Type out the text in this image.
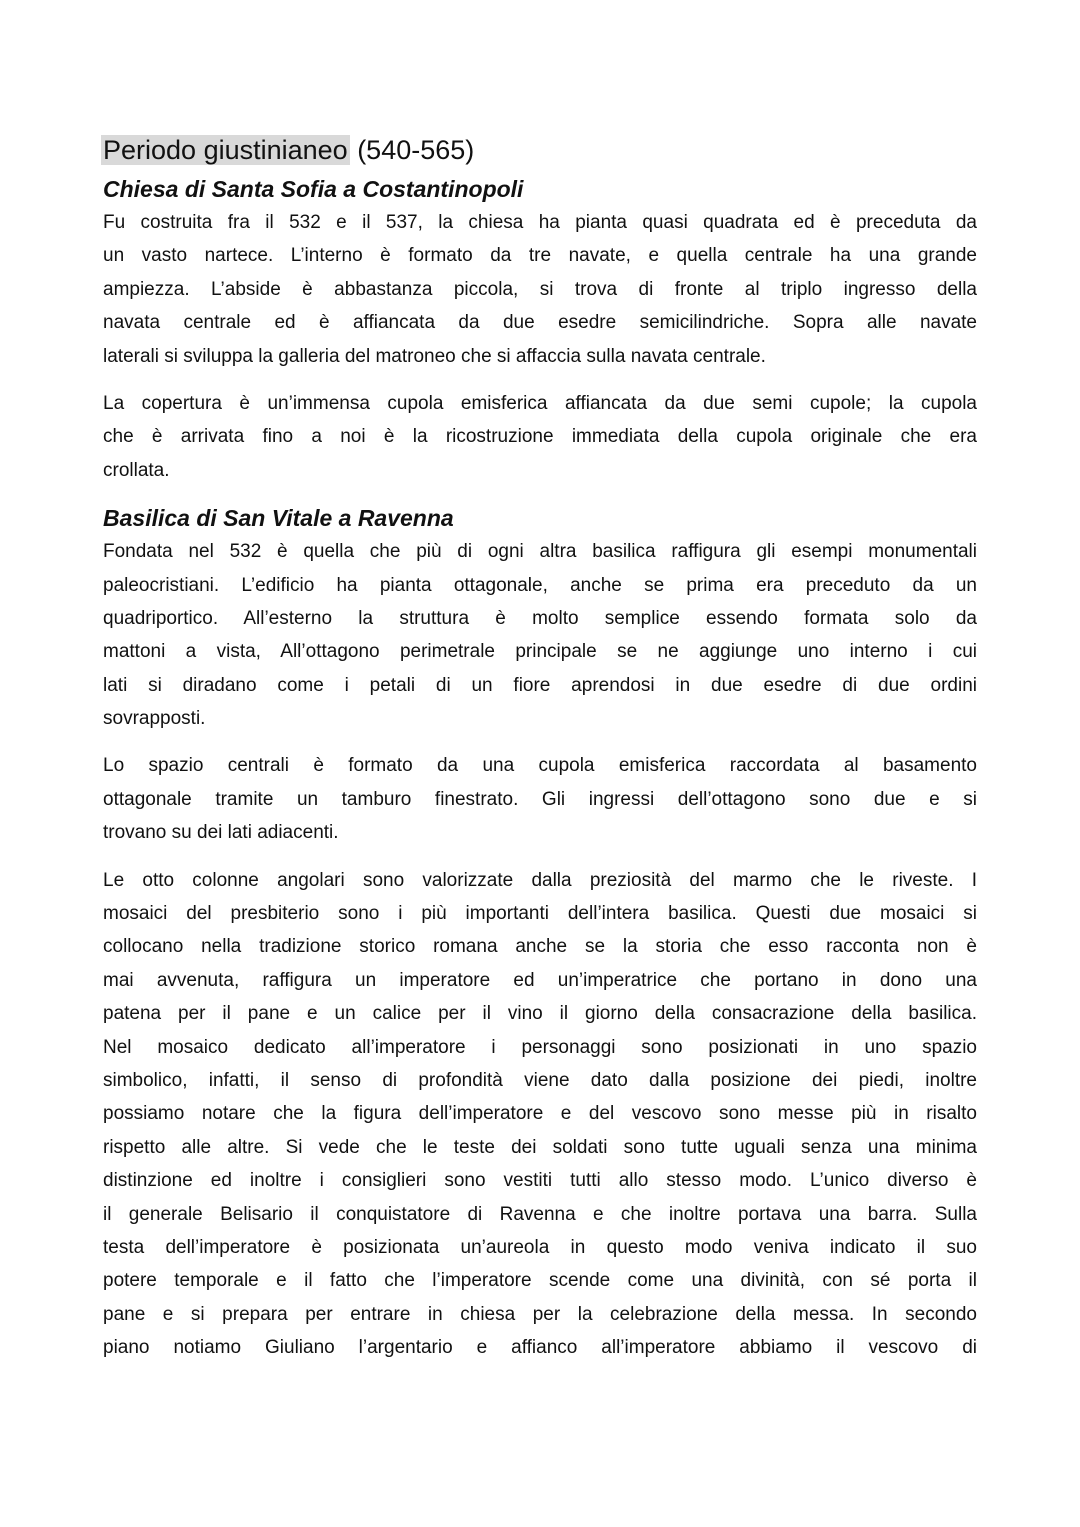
Periodo giustinianeo (540-565)
Chiesa di Santa Sofia a Costantinopoli
Fu costruita fra il 532 e il 537, la chiesa ha pianta quasi quadrata ed è preceduta da
un vasto nartece. L’interno è formato da tre navate, e quella centrale ha una grande
ampiezza. L’abside è abbastanza piccola, si trova di fronte al triplo ingresso della
navata centrale ed è affiancata da due esedre semicilindriche. Sopra alle navate
laterali si sviluppa la galleria del matroneo che si affaccia sulla navata centrale.
La copertura è un’immensa cupola emisferica affiancata da due semi cupole; la cupola
che è arrivata fino a noi è la ricostruzione immediata della cupola originale che era
crollata.
Basilica di San Vitale a Ravenna
Fondata nel 532 è quella che più di ogni altra basilica raffigura gli esempi monumentali
paleocristiani. L’edificio ha pianta ottagonale, anche se prima era preceduto da un
quadriportico. All’esterno la struttura è molto semplice essendo formata solo da
mattoni a vista, All’ottagono perimetrale principale se ne aggiunge uno interno i cui
lati si diradano come i petali di un fiore aprendosi in due esedre di due ordini
sovrapposti.
Lo spazio centrali è formato da una cupola emisferica raccordata al basamento
ottagonale tramite un tamburo finestrato. Gli ingressi dell’ottagono sono due e si
trovano su dei lati adiacenti.
Le otto colonne angolari sono valorizzate dalla preziosità del marmo che le riveste. I
mosaici del presbiterio sono i più importanti dell’intera basilica. Questi due mosaici si
collocano nella tradizione storico romana anche se la storia che esso racconta non è
mai avvenuta, raffigura un imperatore ed un’imperatrice che portano in dono una
patena per il pane e un calice per il vino il giorno della consacrazione della basilica.
Nel mosaico dedicato all’imperatore i personaggi sono posizionati in uno spazio
simbolico, infatti, il senso di profondità viene dato dalla posizione dei piedi, inoltre
possiamo notare che la figura dell’imperatore e del vescovo sono messe più in risalto
rispetto alle altre. Si vede che le teste dei soldati sono tutte uguali senza una minima
distinzione ed inoltre i consiglieri sono vestiti tutti allo stesso modo. L’unico diverso è
il generale Belisario il conquistatore di Ravenna e che inoltre portava una barra. Sulla
testa dell’imperatore è posizionata un’aureola in questo modo veniva indicato il suo
potere temporale e il fatto che l’imperatore scende come una divinità, con sé porta il
pane e si prepara per entrare in chiesa per la celebrazione della messa. In secondo
piano notiamo Giuliano l’argentario e affianco all’imperatore abbiamo il vescovo di
